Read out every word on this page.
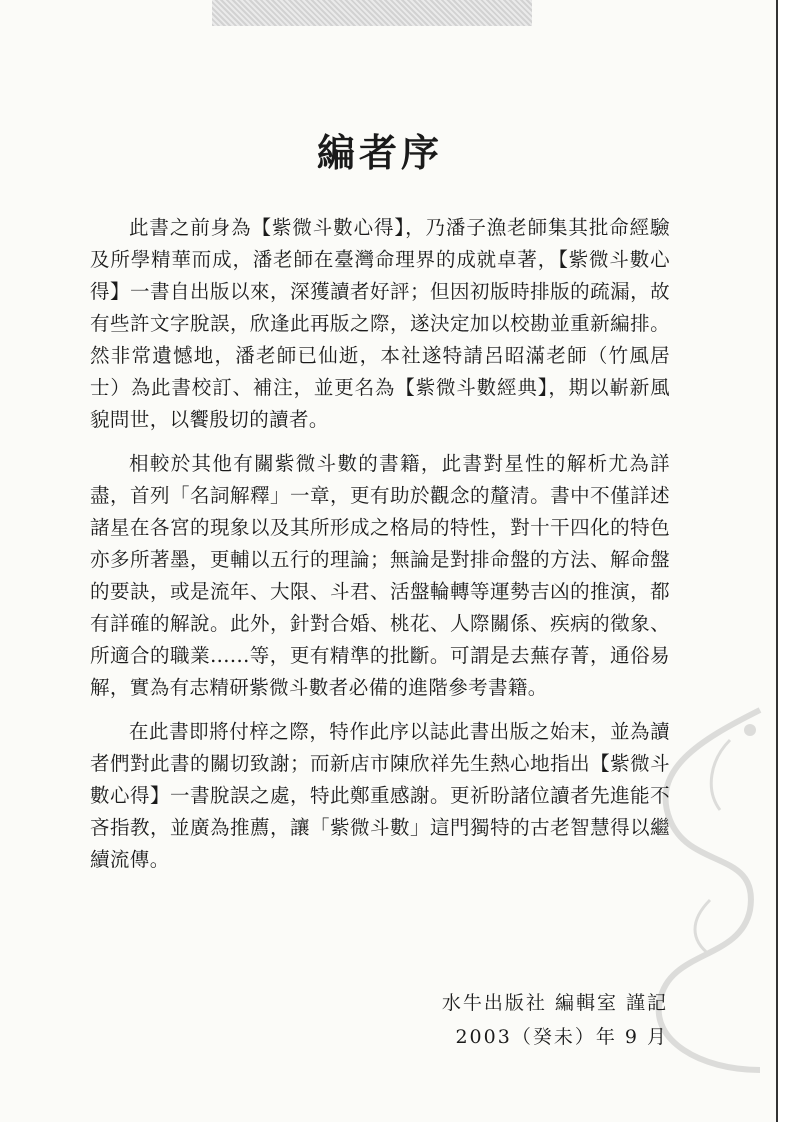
編者序

此書之前身為【紫微斗數心得】，乃潘子漁老師集其批命經驗及所學精華而成，潘老師在臺灣命理界的成就卓著，【紫微斗數心得】一書自出版以來，深獲讀者好評；但因初版時排版的疏漏，故有些許文字脫誤，欣逢此再版之際，遂決定加以校勘並重新編排。然非常遺憾地，潘老師已仙逝，本社遂特請呂昭滿老師（竹風居士）為此書校訂、補注，並更名為【紫微斗數經典】，期以嶄新風貌問世，以饗殷切的讀者。

相較於其他有關紫微斗數的書籍，此書對星性的解析尤為詳盡，首列「名詞解釋」一章，更有助於觀念的釐清。書中不僅詳述諸星在各宮的現象以及其所形成之格局的特性，對十干四化的特色亦多所著墨，更輔以五行的理論；無論是對排命盤的方法、解命盤的要訣，或是流年、大限、斗君、活盤輪轉等運勢吉凶的推演，都有詳確的解說。此外，針對合婚、桃花、人際關係、疾病的徵象、所適合的職業......等，更有精準的批斷。可謂是去蕪存菁，通俗易解，實為有志精研紫微斗數者必備的進階參考書籍。

在此書即將付梓之際，特作此序以誌此書出版之始末，並為讀者們對此書的關切致謝；而新店市陳欣祥先生熱心地指出【紫微斗數心得】一書脫誤之處，特此鄭重感謝。更祈盼諸位讀者先進能不吝指教，並廣為推薦，讓「紫微斗數」這門獨特的古老智慧得以繼續流傳。

水牛出版社 編輯室 謹記
2003（癸未）年 9 月
